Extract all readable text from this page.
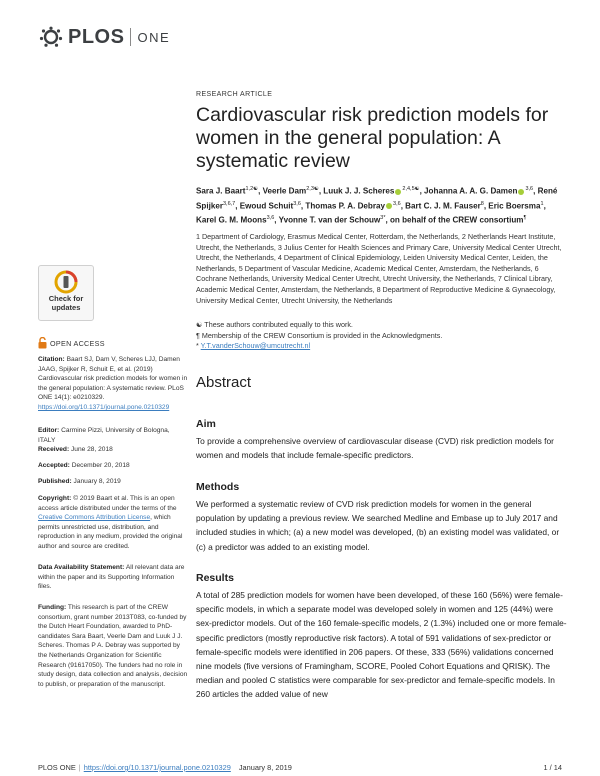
PLOS ONE
RESEARCH ARTICLE
Cardiovascular risk prediction models for women in the general population: A systematic review
Sara J. Baart$^{1,2☯}$, Veerle Dam$^{2,3☯}$, Luuk J. J. Scheres $^{2,4,5☯}$, Johanna A. A. G. Damen $^{3,6}$, René Spijker$^{3,6,7}$, Ewoud Schuit$^{3,6}$, Thomas P. A. Debray $^{3,6}$, Bart C. J. M. Fauser$^8$, Eric Boersma$^1$, Karel G. M. Moons$^{3,6}$, Yvonne T. van der Schouw$^{3*}$, on behalf of the CREW consortium¶
1 Department of Cardiology, Erasmus Medical Center, Rotterdam, the Netherlands, 2 Netherlands Heart Institute, Utrecht, the Netherlands, 3 Julius Center for Health Sciences and Primary Care, University Medical Center Utrecht, Utrecht, the Netherlands, 4 Department of Clinical Epidemiology, Leiden University Medical Center, Leiden, the Netherlands, 5 Department of Vascular Medicine, Academic Medical Center, Amsterdam, the Netherlands, 6 Cochrane Netherlands, University Medical Center Utrecht, Utrecht University, the Netherlands, 7 Clinical Library, Academic Medical Center, Amsterdam, the Netherlands, 8 Department of Reproductive Medicine & Gynaecology, University Medical Center, Utrecht University, the Netherlands
☯ These authors contributed equally to this work.
¶ Membership of the CREW Consortium is provided in the Acknowledgments.
* Y.T.vanderSchouw@umcutrecht.nl
Abstract
Aim
To provide a comprehensive overview of cardiovascular disease (CVD) risk prediction models for women and models that include female-specific predictors.
Methods
We performed a systematic review of CVD risk prediction models for women in the general population by updating a previous review. We searched Medline and Embase up to July 2017 and included studies in which; (a) a new model was developed, (b) an existing model was validated, or (c) a predictor was added to an existing model.
Results
A total of 285 prediction models for women have been developed, of these 160 (56%) were female-specific models, in which a separate model was developed solely in women and 125 (44%) were sex-predictor models. Out of the 160 female-specific models, 2 (1.3%) included one or more female-specific predictors (mostly reproductive risk factors). A total of 591 validations of sex-predictor or female-specific models were identified in 206 papers. Of these, 333 (56%) validations concerned nine models (five versions of Framingham, SCORE, Pooled Cohort Equations and QRISK). The median and pooled C statistics were comparable for sex-predictor and female-specific models. In 260 articles the added value of new
Check for
updates
OPEN ACCESS
Citation: Baart SJ, Dam V, Scheres LJJ, Damen JAAG, Spijker R, Schuit E, et al. (2019) Cardiovascular risk prediction models for women in the general population: A systematic review. PLoS ONE 14(1): e0210329. https://doi.org/10.1371/journal.pone.0210329
Editor: Carmine Pizzi, University of Bologna, ITALY
Received: June 28, 2018
Accepted: December 20, 2018
Published: January 8, 2019
Copyright: © 2019 Baart et al. This is an open access article distributed under the terms of the Creative Commons Attribution License, which permits unrestricted use, distribution, and reproduction in any medium, provided the original author and source are credited.
Data Availability Statement: All relevant data are within the paper and its Supporting Information files.
Funding: This research is part of the CREW consortium, grant number 2013T083, co-funded by the Dutch Heart Foundation, awarded to PhD-candidates Sara Baart, Veerle Dam and Luuk J J. Scheres. Thomas P A. Debray was supported by the Netherlands Organization for Scientific Research (91617050). The funders had no role in study design, data collection and analysis, decision to publish, or preparation of the manuscript.
PLOS ONE | https://doi.org/10.1371/journal.pone.0210329 January 8, 2019	1 / 14
